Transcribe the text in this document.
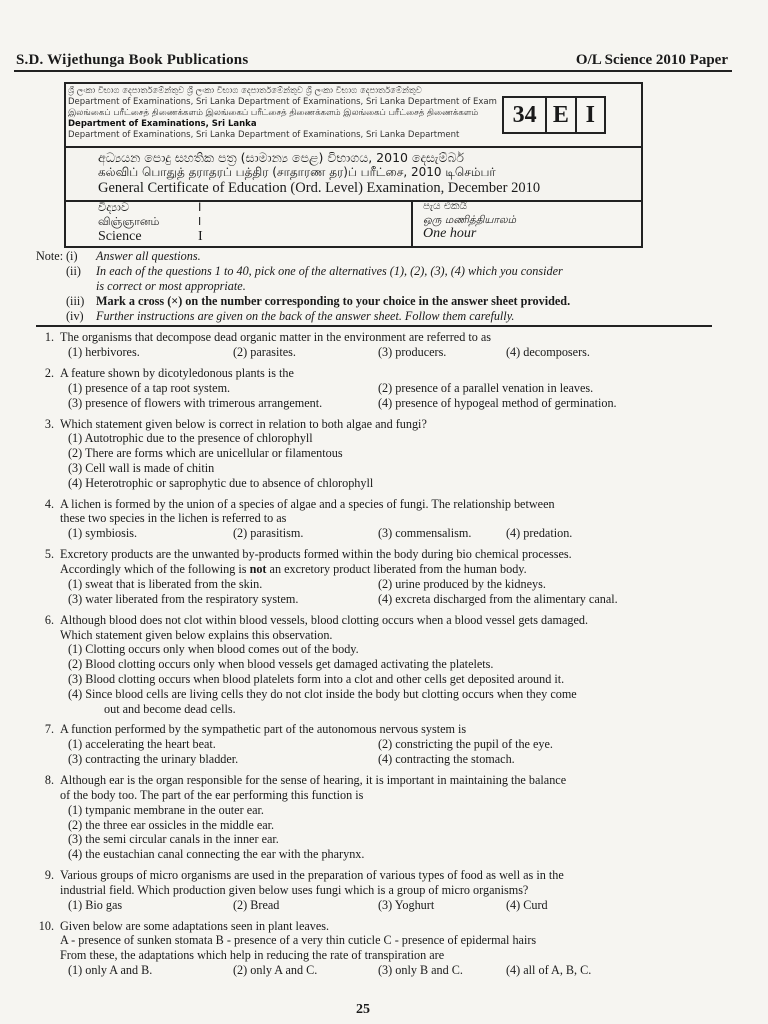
S.D. Wijethunga Book Publications	O/L Science 2010 Paper
ශ්‍රී ලංකා විභාග දෙපාර්තමේන්තුව ශ්‍රී ලංකා විභාග දෙපාර්තමේන්තුව ශ්‍රී ලංකා විභාග දෙපාර්තමේන්තුව
Department of Examinations, Sri Lanka Department of Examinations, Sri Lanka Department of Exam
இலங்கைப் பரீட்சைத் திணைக்களம் இலங்கைப் பரீட்சைத் திணைக்களம் இலங்கைப் பரீட்சைத் திணைக்களம்
Department of Examinations, Sri Lanka
Department of Examinations, Sri Lanka Department of Examinations, Sri Lanka Department
34 E I
අධ්‍යයන පොදු සහතික පත්‍ර (සාමාන්‍ය පෙළ) විභාගය, 2010 දෙසැම්බර්
கல்விப் பொதுத் தராதரப் பத்திர (சாதாரண தர)ப் பரீட்சை, 2010 டிசெம்பர்
General Certificate of Education (Ord. Level) Examination, December 2010
විද්‍යාව	I
விஞ்ஞானம்	I
Science	I
පැය එකයි
ஒரு மணித்தியாலம்
One hour
Note: (i) Answer all questions.
(ii) In each of the questions 1 to 40, pick one of the alternatives (1), (2), (3), (4) which you consider
is correct or most appropriate.
(iii) Mark a cross (×) on the number corresponding to your choice in the answer sheet provided.
(iv) Further instructions are given on the back of the answer sheet. Follow them carefully.
1. The organisms that decompose dead organic matter in the environment are referred to as
(1) herbivores.	(2) parasites.	(3) producers.	(4) decomposers.
2. A feature shown by dicotyledonous plants is the
(1) presence of a tap root system.	(2) presence of a parallel venation in leaves.
(3) presence of flowers with trimerous arrangement.	(4) presence of hypogeal method of germination.
3. Which statement given below is correct in relation to both algae and fungi?
(1) Autotrophic due to the presence of chlorophyll
(2) There are forms which are unicellular or filamentous
(3) Cell wall is made of chitin
(4) Heterotrophic or saprophytic due to absence of chlorophyll
4. A lichen is formed by the union of a species of algae and a species of fungi. The relationship between
these two species in the lichen is referred to as
(1) symbiosis.	(2) parasitism.	(3) commensalism.	(4) predation.
5. Excretory products are the unwanted by-products formed within the body during bio chemical processes.
Accordingly which of the following is not an excretory product liberated from the human body.
(1) sweat that is liberated from the skin.	(2) urine produced by the kidneys.
(3) water liberated from the respiratory system.	(4) excreta discharged from the alimentary canal.
6. Although blood does not clot within blood vessels, blood clotting occurs when a blood vessel gets damaged.
Which statement given below explains this observation.
(1) Clotting occurs only when blood comes out of the body.
(2) Blood clotting occurs only when blood vessels get damaged activating the platelets.
(3) Blood clotting occurs when blood platelets form into a clot and other cells get deposited around it.
(4) Since blood cells are living cells they do not clot inside the body but clotting occurs when they come
out and become dead cells.
7. A function performed by the sympathetic part of the autonomous nervous system is
(1) accelerating the heart beat.	(2) constricting the pupil of the eye.
(3) contracting the urinary bladder.	(4) contracting the stomach.
8. Although ear is the organ responsible for the sense of hearing, it is important in maintaining the balance
of the body too. The part of the ear performing this function is
(1) tympanic membrane in the outer ear.
(2) the three ear ossicles in the middle ear.
(3) the semi circular canals in the inner ear.
(4) the eustachian canal connecting the ear with the pharynx.
9. Various groups of micro organisms are used in the preparation of various types of food as well as in the
industrial field. Which production given below uses fungi which is a group of micro organisms?
(1) Bio gas	(2) Bread	(3) Yoghurt	(4) Curd
10. Given below are some adaptations seen in plant leaves.
A - presence of sunken stomata B - presence of a very thin cuticle C - presence of epidermal hairs
From these, the adaptations which help in reducing the rate of transpiration are
(1) only A and B.	(2) only A and C.	(3) only B and C.	(4) all of A, B, C.
25
